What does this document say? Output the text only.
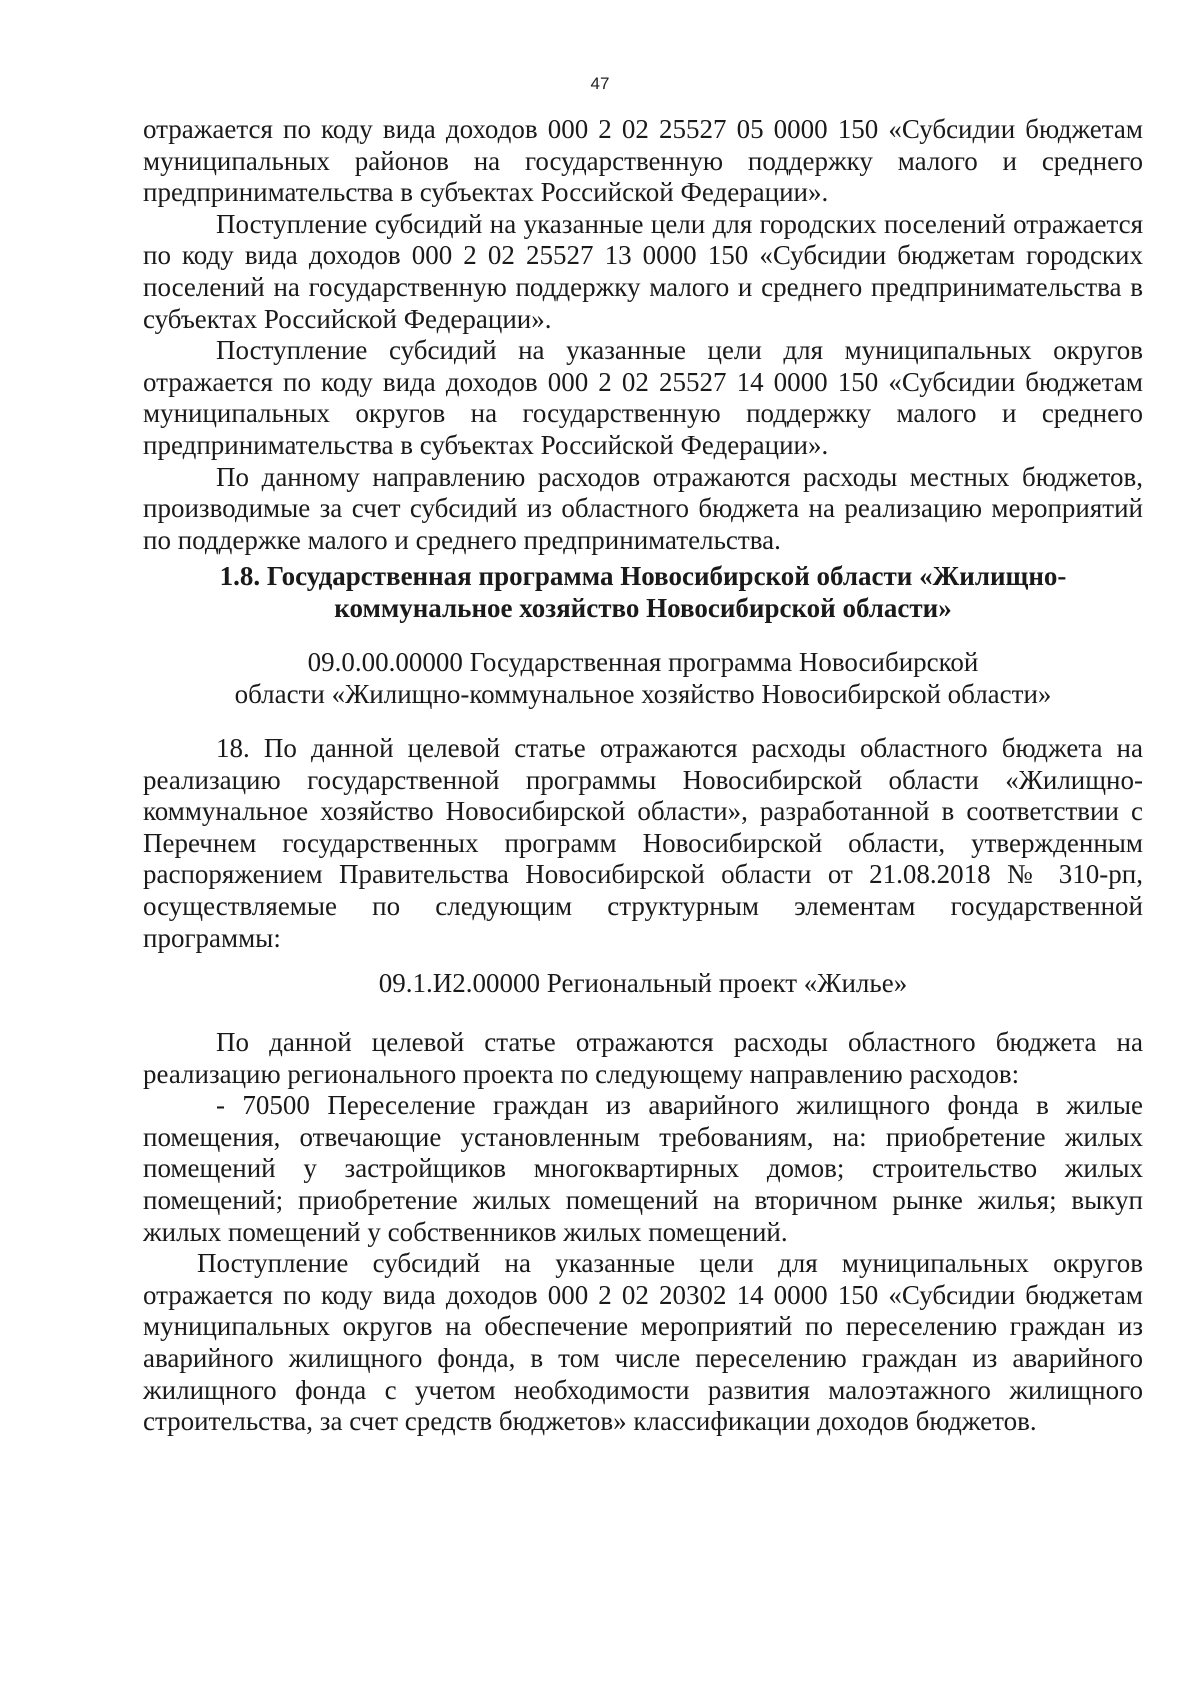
47

отражается по коду вида доходов 000 2 02 25527 05 0000 150 «Субсидии бюджетам муниципальных районов на государственную поддержку малого и среднего предпринимательства в субъектах Российской Федерации».

Поступление субсидий на указанные цели для городских поселений отражается по коду вида доходов 000 2 02 25527 13 0000 150 «Субсидии бюджетам городских поселений на государственную поддержку малого и среднего предпринимательства в субъектах Российской Федерации».

Поступление субсидий на указанные цели для муниципальных округов отражается по коду вида доходов 000 2 02 25527 14 0000 150 «Субсидии бюджетам муниципальных округов на государственную поддержку малого и среднего предпринимательства в субъектах Российской Федерации».

По данному направлению расходов отражаются расходы местных бюджетов, производимые за счет субсидий из областного бюджета на реализацию мероприятий по поддержке малого и среднего предпринимательства.

1.8. Государственная программа Новосибирской области «Жилищно-

коммунальное хозяйство Новосибирской области»

09.0.00.00000 Государственная программа Новосибирской

области «Жилищно-коммунальное хозяйство Новосибирской области»

18. По данной целевой статье отражаются расходы областного бюджета на реализацию государственной программы Новосибирской области «Жилищно-коммунальное хозяйство Новосибирской области», разработанной в соответствии с Перечнем государственных программ Новосибирской области, утвержденным распоряжением Правительства Новосибирской области от 21.08.2018 № 310-рп, осуществляемые по следующим структурным элементам государственной программы:

09.1.И2.00000 Региональный проект «Жилье»

По данной целевой статье отражаются расходы областного бюджета на реализацию регионального проекта по следующему направлению расходов:

- 70500 Переселение граждан из аварийного жилищного фонда в жилые помещения, отвечающие установленным требованиям, на: приобретение жилых помещений у застройщиков многоквартирных домов; строительство жилых помещений; приобретение жилых помещений на вторичном рынке жилья; выкуп жилых помещений у собственников жилых помещений.

Поступление субсидий на указанные цели для муниципальных округов отражается по коду вида доходов 000 2 02 20302 14 0000 150 «Субсидии бюджетам муниципальных округов на обеспечение мероприятий по переселению граждан из аварийного жилищного фонда, в том числе переселению граждан из аварийного жилищного фонда с учетом необходимости развития малоэтажного жилищного строительства, за счет средств бюджетов» классификации доходов бюджетов.
